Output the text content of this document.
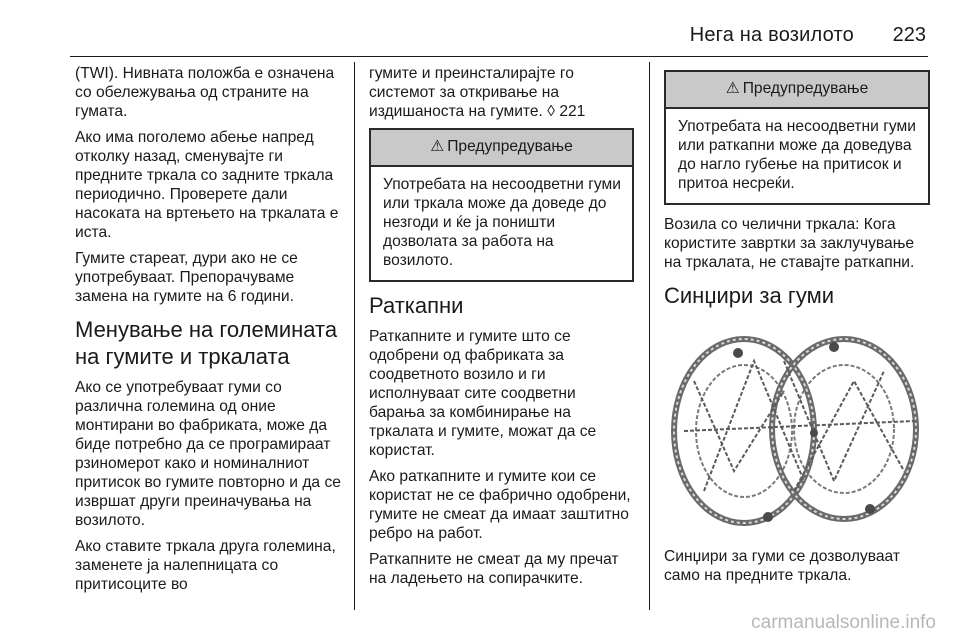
Нега на возилото 223

(TWI). Нивната положба е означена со обележувања од страните на гумата.

Ако има поголемо абење напред отколку назад, сменувајте ги предните тркала со задните тркала периодично. Проверете дали насоката на вртењето на тркалата е иста.

Гумите стареат, дури ако не се употребуваат. Препорачуваме замена на гумите на 6 години.

Менување на големината на гумите и тркалата

Ако се употребуваат гуми со различна големина од оние монтирани во фабриката, може да биде потребно да се програмираат рзиномерот како и номиналниот притисок во гумите повторно и да се извршат други преиначувања на возилото.

Ако ставите тркала друга големина, заменете ја налепницата со притисоците во

гумите и преинсталирајте го системот за откривање на издишаноста на гумите. ◊ 221

⚠ Предупредување
Употребата на несоодветни гуми или тркала може да доведе до незгоди и ќе ја поништи дозволата за работа на возилото.
Раткапни

Раткапните и гумите што се одобрени од фабриката за соодветното возило и ги исполнуваат сите соодветни барања за комбинирање на тркалата и гумите, можат да се користат.

Ако раткапните и гумите кои се користат не се фабрично одобрени, гумите не смеат да имаат заштитно ребро на работ.

Раткапните не смеат да му пречат на ладењето на сопирачките.

⚠ Предупредување
Употребата на несоодветни гуми или раткапни може да доведува до нагло губење на притисок и притоа несреќи.

Возила со челични тркала: Кога користите завртки за заклучување на тркалата, не ставајте раткапни.

Синџири за гуми

Синџири за гуми се дозволуваат само на предните тркала.

carmanualsonline.info
